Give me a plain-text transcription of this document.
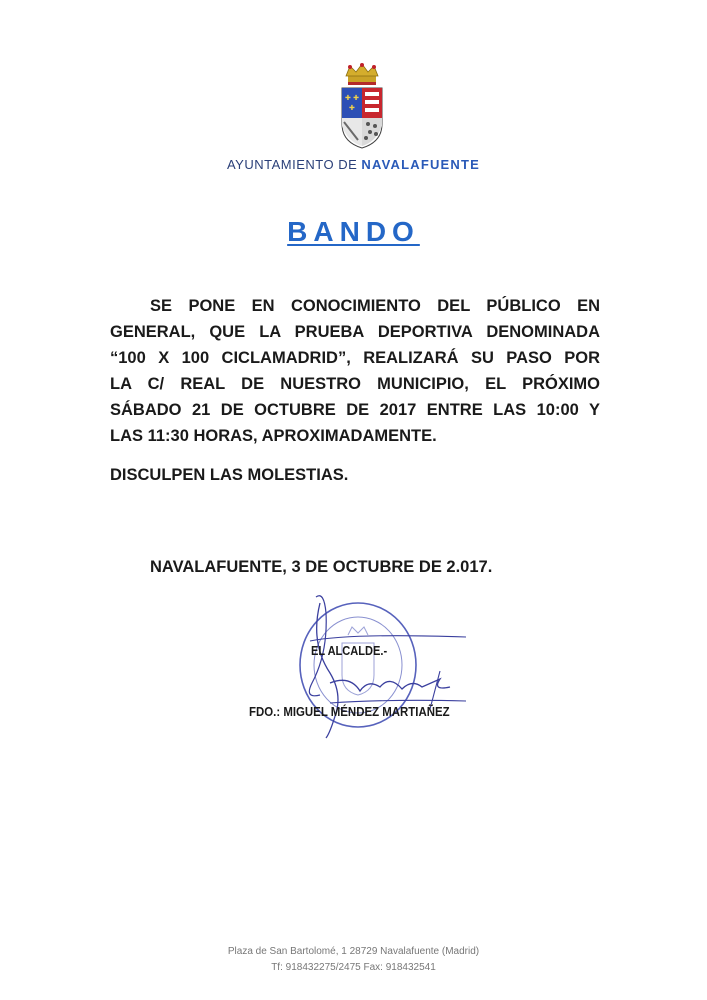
✚ ✚
✚
AYUNTAMIENTO DE NAVALAFUENTE
BANDO
SE PONE EN CONOCIMIENTO DEL PÚBLICO EN
GENERAL, QUE LA PRUEBA DEPORTIVA DENOMINADA
“100 X 100 CICLAMADRID”, REALIZARÁ SU PASO POR
LA C/ REAL DE NUESTRO MUNICIPIO, EL PRÓXIMO
SÁBADO 21 DE OCTUBRE DE 2017 ENTRE LAS 10:00 Y
LAS 11:30 HORAS, APROXIMADAMENTE.
DISCULPEN LAS MOLESTIAS.
NAVALAFUENTE, 3 DE OCTUBRE DE 2.017.
EL ALCALDE.-
FDO.: MIGUEL MÉNDEZ MARTIAÑEZ
Plaza de San Bartolomé, 1 28729 Navalafuente (Madrid)
Tf: 918432275/2475 Fax: 918432541
